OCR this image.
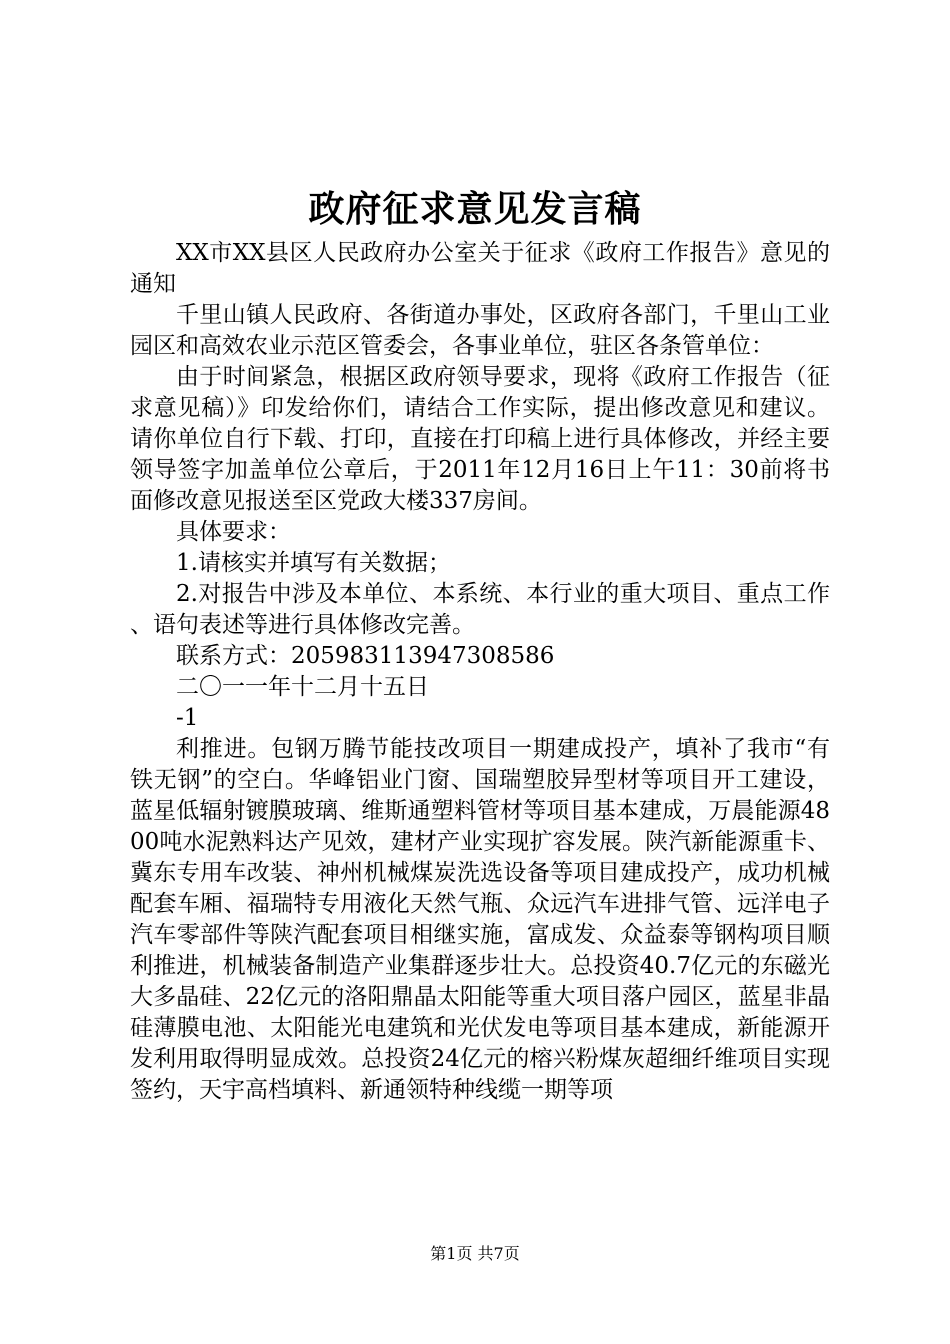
政府征求意见发言稿

XX市XX县区人民政府办公室关于征求《政府工作报告》意见的通知

千里山镇人民政府、各街道办事处，区政府各部门，千里山工业园区和高效农业示范区管委会，各事业单位，驻区各条管单位：

由于时间紧急，根据区政府领导要求，现将《政府工作报告（征求意见稿）》印发给你们，请结合工作实际，提出修改意见和建议。请你单位自行下载、打印，直接在打印稿上进行具体修改，并经主要领导签字加盖单位公章后，于2011年12月16日上午11：30前将书面修改意见报送至区党政大楼337房间。

具体要求：

1.请核实并填写有关数据；

2.对报告中涉及本单位、本系统、本行业的重大项目、重点工作、语句表述等进行具体修改完善。

联系方式：205983113947308586

二〇一一年十二月十五日

-1

利推进。包钢万腾节能技改项目一期建成投产，填补了我市“有铁无钢”的空白。华峰铝业门窗、国瑞塑胶异型材等项目开工建设，蓝星低辐射镀膜玻璃、维斯通塑料管材等项目基本建成，万晨能源4800吨水泥熟料达产见效，建材产业实现扩容发展。陕汽新能源重卡、冀东专用车改装、神州机械煤炭洗选设备等项目建成投产，成功机械配套车厢、福瑞特专用液化天然气瓶、众远汽车进排气管、远洋电子汽车零部件等陕汽配套项目相继实施，富成发、众益泰等钢构项目顺利推进，机械装备制造产业集群逐步壮大。总投资40.7亿元的东磁光大多晶硅、22亿元的洛阳鼎晶太阳能等重大项目落户园区，蓝星非晶硅薄膜电池、太阳能光电建筑和光伏发电等项目基本建成，新能源开发利用取得明显成效。总投资24亿元的榕兴粉煤灰超细纤维项目实现签约，天宇高档填料、新通领特种线缆一期等项

第1页 共7页
